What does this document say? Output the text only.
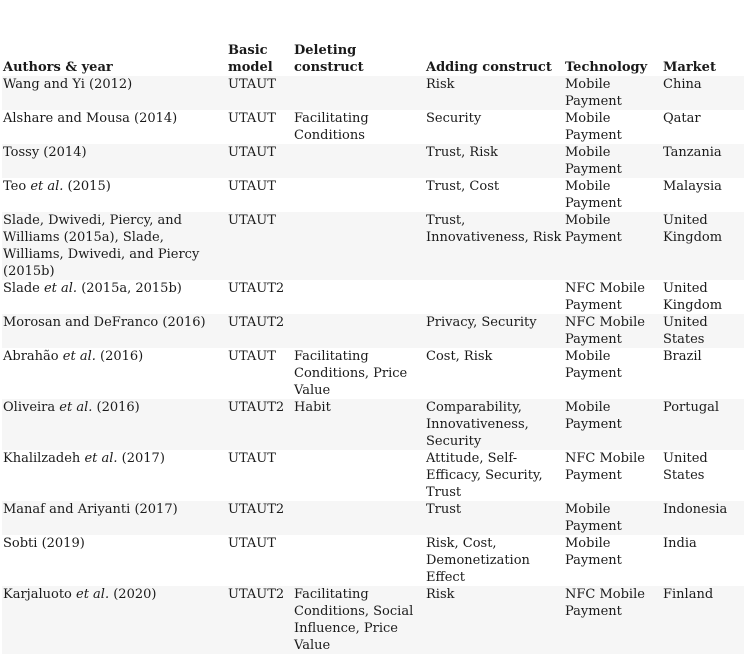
Authors & year	Basic model	Deleting construct	Adding construct	Technology	Market
Wang and Yi (2012)	UTAUT		Risk	Mobile Payment	China
Alshare and Mousa (2014)	UTAUT	Facilitating Conditions	Security	Mobile Payment	Qatar
Tossy (2014)	UTAUT		Trust, Risk	Mobile Payment	Tanzania
Teo et al. (2015)	UTAUT		Trust, Cost	Mobile Payment	Malaysia
Slade, Dwivedi, Piercy, and Williams (2015a), Slade, Williams, Dwivedi, and Piercy (2015b)	UTAUT		Trust, Innovativeness, Risk	Mobile Payment	United Kingdom
Slade et al. (2015a, 2015b)	UTAUT2			NFC Mobile Payment	United Kingdom
Morosan and DeFranco (2016)	UTAUT2		Privacy, Security	NFC Mobile Payment	United States
Abrahão et al. (2016)	UTAUT	Facilitating Conditions, Price Value	Cost, Risk	Mobile Payment	Brazil
Oliveira et al. (2016)	UTAUT2	Habit	Comparability, Innovativeness, Security	Mobile Payment	Portugal
Khalilzadeh et al. (2017)	UTAUT		Attitude, Self-Efficacy, Security, Trust	NFC Mobile Payment	United States
Manaf and Ariyanti (2017)	UTAUT2		Trust	Mobile Payment	Indonesia
Sobti (2019)	UTAUT		Risk, Cost, Demonetization Effect	Mobile Payment	India
Karjaluoto et al. (2020)	UTAUT2	Facilitating Conditions, Social Influence, Price Value	Risk	NFC Mobile Payment	Finland
